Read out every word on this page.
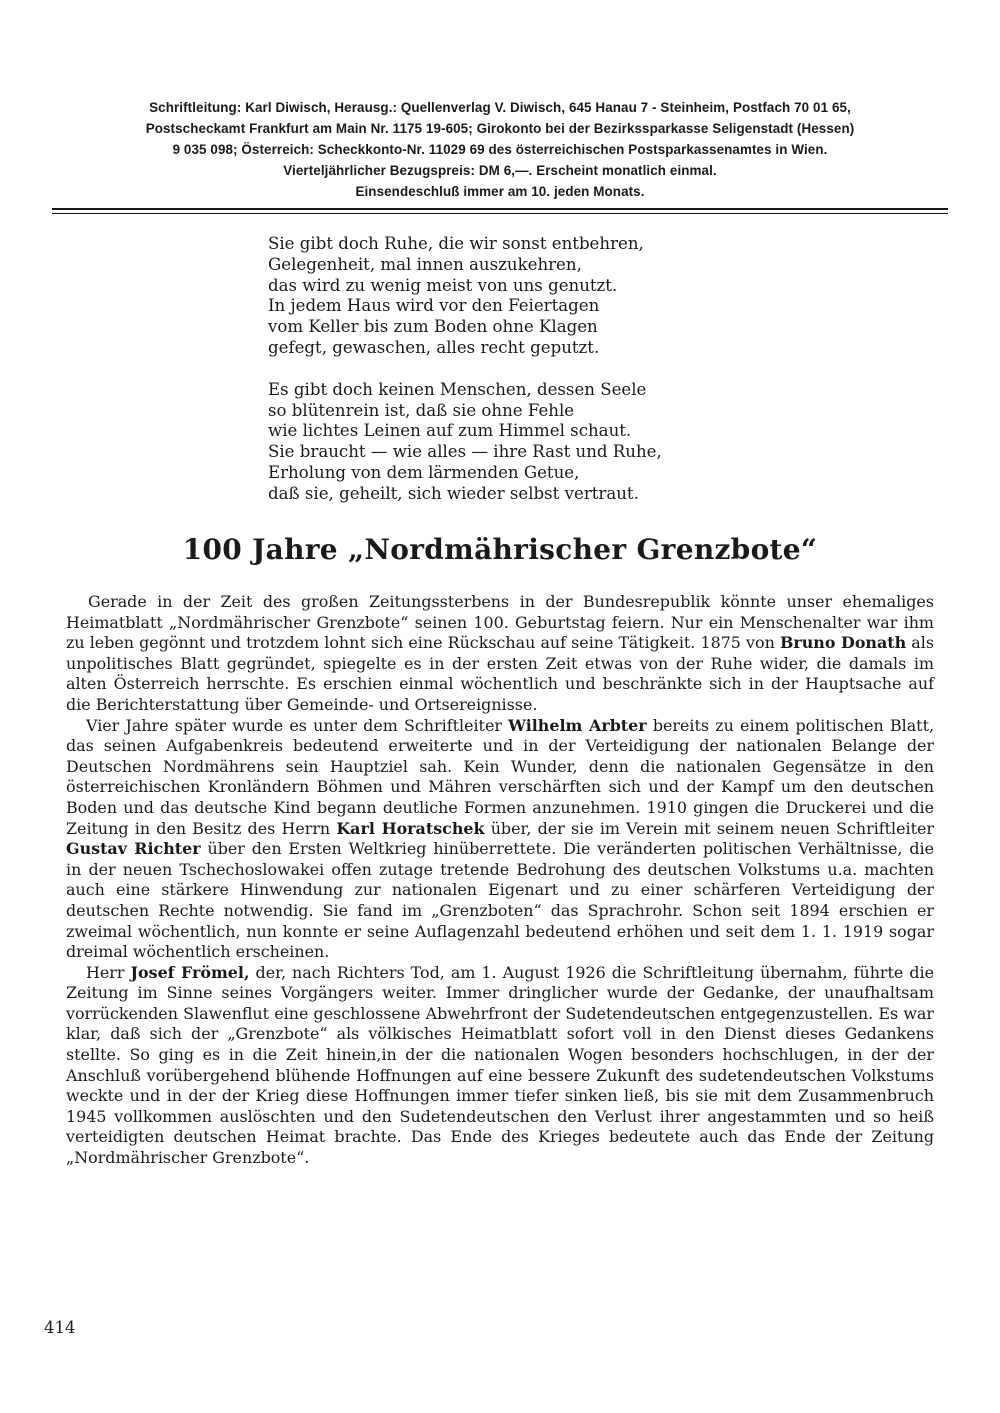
Schriftleitung: Karl Diwisch, Herausg.: Quellenverlag V. Diwisch, 645 Hanau 7 - Steinheim, Postfach 70 01 65,
Postscheckamt Frankfurt am Main Nr. 1175 19-605; Girokonto bei der Bezirkssparkasse Seligenstadt (Hessen)
9 035 098; Österreich: Scheckkonto-Nr. 11029 69 des österreichischen Postsparkassenamtes in Wien.
Vierteljährlicher Bezugspreis: DM 6,—. Erscheint monatlich einmal.
Einsendeschluß immer am 10. jeden Monats.
Sie gibt doch Ruhe, die wir sonst entbehren,
Gelegenheit, mal innen auszukehren,
das wird zu wenig meist von uns genutzt.
In jedem Haus wird vor den Feiertagen
vom Keller bis zum Boden ohne Klagen
gefegt, gewaschen, alles recht geputzt.
Es gibt doch keinen Menschen, dessen Seele
so blütenrein ist, daß sie ohne Fehle
wie lichtes Leinen auf zum Himmel schaut.
Sie braucht — wie alles — ihre Rast und Ruhe,
Erholung von dem lärmenden Getue,
daß sie, geheilt, sich wieder selbst vertraut.
100 Jahre „Nordmährischer Grenzbote“

Gerade in der Zeit des großen Zeitungssterbens in der Bundesrepublik könnte unser ehemaliges Heimatblatt „Nordmährischer Grenzbote“ seinen 100. Geburtstag feiern. Nur ein Menschenalter war ihm zu leben gegönnt und trotzdem lohnt sich eine Rückschau auf seine Tätigkeit. 1875 von Bruno Donath als unpolitisches Blatt gegründet, spiegelte es in der ersten Zeit etwas von der Ruhe wider, die damals im alten Österreich herrschte. Es erschien einmal wöchentlich und beschränkte sich in der Hauptsache auf die Berichterstattung über Gemeinde- und Ortsereignisse.

Vier Jahre später wurde es unter dem Schriftleiter Wilhelm Arbter bereits zu einem politischen Blatt, das seinen Aufgabenkreis bedeutend erweiterte und in der Verteidigung der nationalen Belange der Deutschen Nordmährens sein Hauptziel sah. Kein Wunder, denn die nationalen Gegensätze in den österreichischen Kronländern Böhmen und Mähren verschärften sich und der Kampf um den deutschen Boden und das deutsche Kind begann deutliche Formen anzunehmen. 1910 gingen die Druckerei und die Zeitung in den Besitz des Herrn Karl Horatschek über, der sie im Verein mit seinem neuen Schriftleiter Gustav Richter über den Ersten Weltkrieg hinüberrettete. Die veränderten politischen Verhältnisse, die in der neuen Tschechoslowakei offen zutage tretende Bedrohung des deutschen Volkstums u.a. machten auch eine stärkere Hinwendung zur nationalen Eigenart und zu einer schärferen Verteidigung der deutschen Rechte notwendig. Sie fand im „Grenzboten“ das Sprachrohr. Schon seit 1894 erschien er zweimal wöchentlich, nun konnte er seine Auflagenzahl bedeutend erhöhen und seit dem 1. 1. 1919 sogar dreimal wöchentlich erscheinen.

Herr Josef Frömel, der, nach Richters Tod, am 1. August 1926 die Schriftleitung übernahm, führte die Zeitung im Sinne seines Vorgängers weiter. Immer dringlicher wurde der Gedanke, der unaufhaltsam vorrückenden Slawenflut eine geschlossene Abwehrfront der Sudetendeutschen entgegenzustellen. Es war klar, daß sich der „Grenzbote“ als völkisches Heimatblatt sofort voll in den Dienst dieses Gedankens stellte. So ging es in die Zeit hinein,in der die nationalen Wogen besonders hochschlugen, in der der Anschluß vorübergehend blühende Hoffnungen auf eine bessere Zukunft des sudetendeutschen Volkstums weckte und in der der Krieg diese Hoffnungen immer tiefer sinken ließ, bis sie mit dem Zusammenbruch 1945 vollkommen auslöschten und den Sudetendeutschen den Verlust ihrer angestammten und so heiß verteidigten deutschen Heimat brachte. Das Ende des Krieges bedeutete auch das Ende der Zeitung „Nordmährischer Grenzbote“.

414
